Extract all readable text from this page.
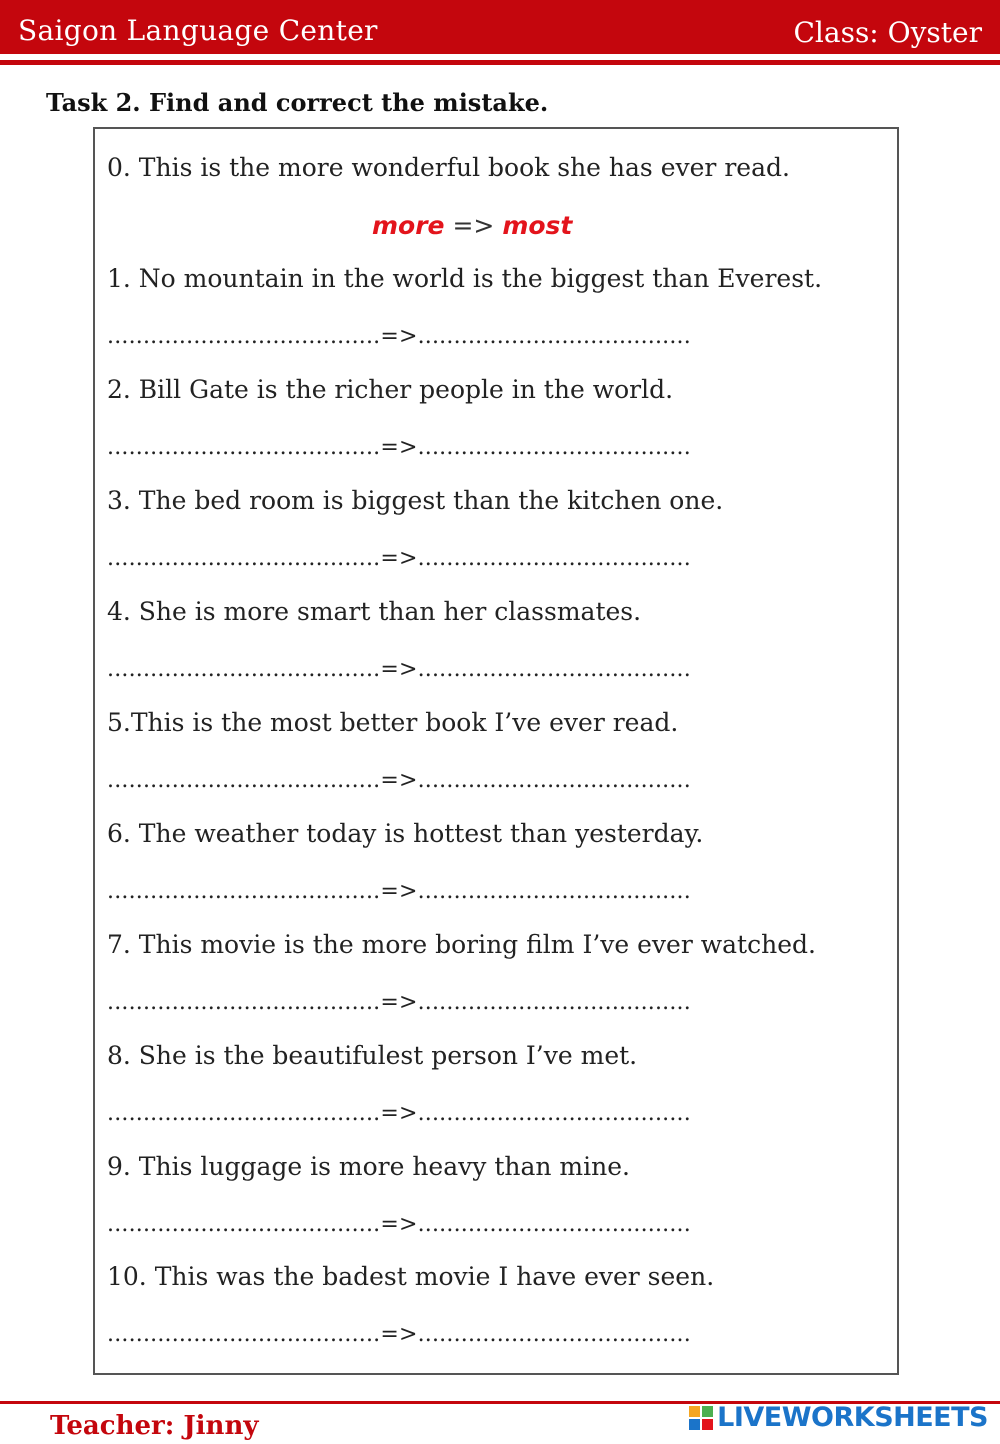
Saigon Language Center	Class: Oyster
Task 2. Find and correct the mistake.
0. This is the more wonderful book she has ever read.
more => most
1. No mountain in the world is the biggest than Everest.
......................................=>......................................
2. Bill Gate is the richer people in the world.
......................................=>......................................
3. The bed room is biggest than the kitchen one.
......................................=>......................................
4. She is more smart than her classmates.
......................................=>......................................
5.This is the most better book I’ve ever read.
......................................=>......................................
6. The weather today is hottest than yesterday.
......................................=>......................................
7. This movie is the more boring film I’ve ever watched.
......................................=>......................................
8. She is the beautifulest person I’ve met.
......................................=>......................................
9. This luggage is more heavy than mine.
......................................=>......................................
10. This was the badest movie I have ever seen.
......................................=>......................................
Teacher: Jinny	LIVEWORKSHEETS
